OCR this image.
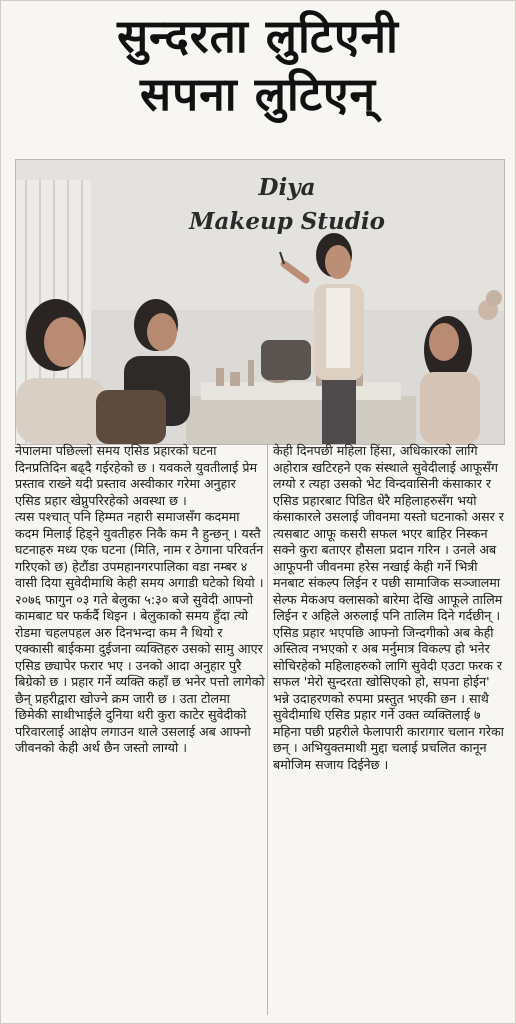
सुन्दरता लुटिएनी
सपना लुटिएन्
Diya
Makeup Studio

नेपालमा पछिल्लो समय एसिड प्रहारको घटना दिनप्रतिदिन बढ्दै गईरहेको छ । यवकले युवतीलाई प्रेम प्रस्ताव राख्ने यदी प्रस्ताव अस्वीकार गरेमा अनुहार एसिड प्रहार खेप्नुपरिरहेको अवस्था छ ।

त्यस पश्चात् पनि हिम्मत नहारी समाजसँग कदममा कदम मिलाई हिड्ने युवतीहरु निकै कम नै हुन्छन् । यस्तै घटनाहरु मध्य एक घटना (मिति, नाम र ठेगाना परिवर्तन गरिएको छ) हेटौंडा उपमहानगरपालिका वडा नम्बर ४ वासी दिया सुवेदीमाथि केही समय अगाडी घटेको थियो ।

२०७६ फागुन ०३ गते बेलुका ५:३० बजे सुवेदी आफ्नो कामबाट घर फर्कर्दै थिइन । बेलुकाको समय हुँदा त्यो रोडमा चहलपहल अरु दिनभन्दा कम नै थियो र एक्कासी बाईकमा दुईजना व्यक्तिहरु उसको सामु आएर एसिड छ्यापेर फरार भए । उनको आदा अनुहार पुरै बिग्रेको छ । प्रहार गर्ने व्यक्ति कहाँ छ भनेर पत्तो लागेको छैन् प्रहरीद्वारा खोज्ने क्रम जारी छ । उता टोलमा छिमेकी साथीभाईले दुनिया थरी कुरा काटेर सुवेदीको परिवारलाई आक्षेप लगाउन थाले उसलाई अब आफ्नो जीवनको केही अर्थ छैन जस्तो लाग्यो ।

केही दिनपछी महिला हिंसा, अधिकारको लागि अहोरात्र खटिरहने एक संस्थाले सुवेदीलाई आफूसँग लग्यो र त्यहा उसको भेट विन्दवासिनी कंसाकार र एसिड प्रहारबाट पिडित धेरै महिलाहरुसँग भयो कंसाकारले उसलाई जीवनमा यस्तो घटनाको असर र त्यसबाट आफू कसरी सफल भएर बाहिर निस्कन सक्ने कुरा बताएर हौसला प्रदान गरिन । उनले अब आफूपनी जीवनमा हरेस नखाई केही गर्ने भित्री मनबाट संकल्प लिईन र पछी सामाजिक सञ्जालमा सेल्फ मेकअप क्लासको बारेमा देखि आफूले तालिम लिईन र अहिले अरुलाई पनि तालिम दिने गर्दछीन् । एसिड प्रहार भएपछि आफ्नो जिन्दगीको अब केही अस्तित्व नभएको र अब मर्नुमात्र विकल्प हो भनेर सोचिरहेको महिलाहरुको लागि सुवेदी एउटा फरक र सफल 'मेरो सुन्दरता खोसिएको हो, सपना होईन' भन्ने उदाहरणको रुपमा प्रस्तुत भएकी छन । साथै सुवेदीमाथि एसिड प्रहार गर्ने उक्त व्यक्तिलाई ७ महिना पछी प्रहरीले फेलापारी कारागार चलान गरेका छन् । अभियुक्तमाथी मुद्दा चलाई प्रचलित कानून बमोजिम सजाय दिईनेछ ।
